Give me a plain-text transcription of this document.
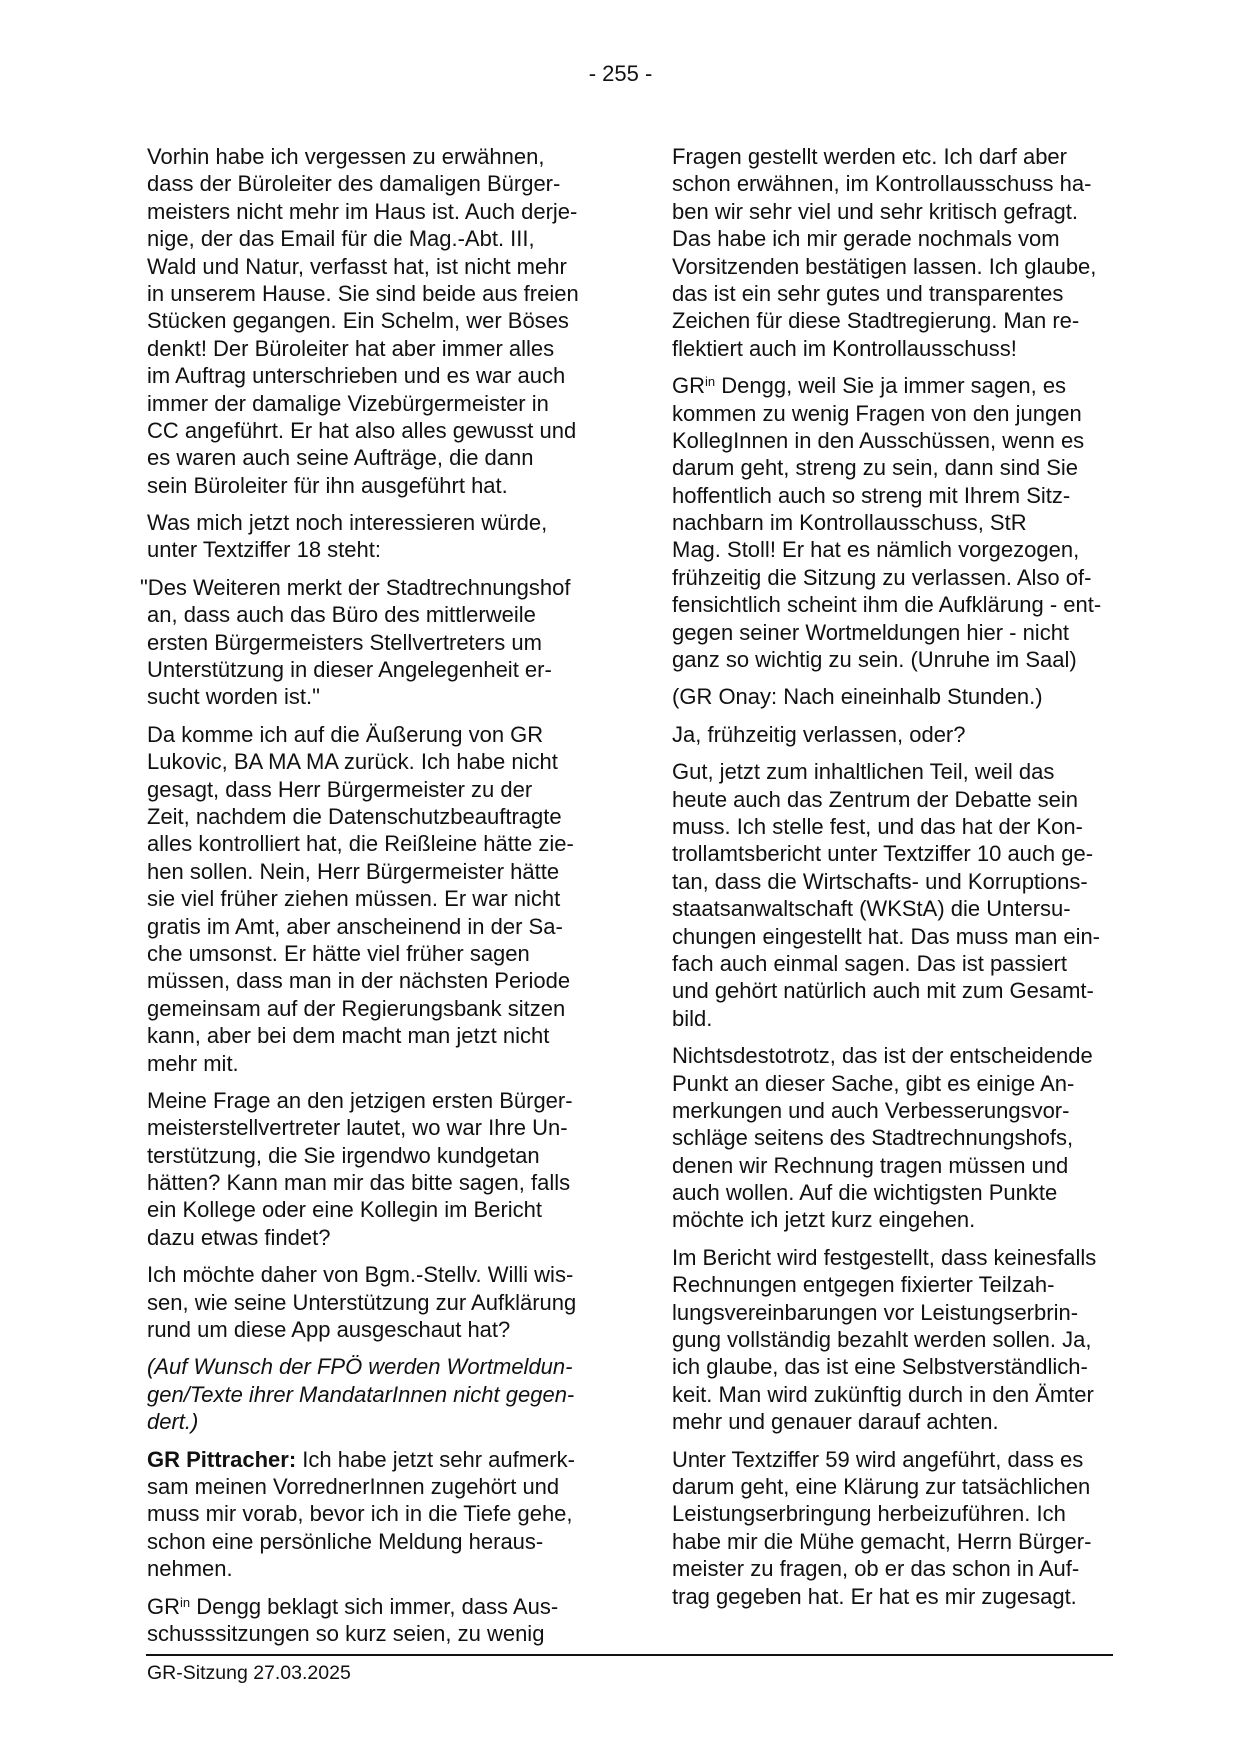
- 255 -
Vorhin habe ich vergessen zu erwähnen,
dass der Büroleiter des damaligen Bürger-
meisters nicht mehr im Haus ist. Auch derje-
nige, der das Email für die Mag.-Abt. III,
Wald und Natur, verfasst hat, ist nicht mehr
in unserem Hause. Sie sind beide aus freien
Stücken gegangen. Ein Schelm, wer Böses
denkt! Der Büroleiter hat aber immer alles
im Auftrag unterschrieben und es war auch
immer der damalige Vizebürgermeister in
CC angeführt. Er hat also alles gewusst und
es waren auch seine Aufträge, die dann
sein Büroleiter für ihn ausgeführt hat.
Was mich jetzt noch interessieren würde,
unter Textziffer 18 steht:
"Des Weiteren merkt der Stadtrechnungshof
an, dass auch das Büro des mittlerweile
ersten Bürgermeisters Stellvertreters um
Unterstützung in dieser Angelegenheit er-
sucht worden ist."
Da komme ich auf die Äußerung von GR
Lukovic, BA MA MA zurück. Ich habe nicht
gesagt, dass Herr Bürgermeister zu der
Zeit, nachdem die Datenschutzbeauftragte
alles kontrolliert hat, die Reißleine hätte zie-
hen sollen. Nein, Herr Bürgermeister hätte
sie viel früher ziehen müssen. Er war nicht
gratis im Amt, aber anscheinend in der Sa-
che umsonst. Er hätte viel früher sagen
müssen, dass man in der nächsten Periode
gemeinsam auf der Regierungsbank sitzen
kann, aber bei dem macht man jetzt nicht
mehr mit.
Meine Frage an den jetzigen ersten Bürger-
meisterstellvertreter lautet, wo war Ihre Un-
terstützung, die Sie irgendwo kundgetan
hätten? Kann man mir das bitte sagen, falls
ein Kollege oder eine Kollegin im Bericht
dazu etwas findet?
Ich möchte daher von Bgm.-Stellv. Willi wis-
sen, wie seine Unterstützung zur Aufklärung
rund um diese App ausgeschaut hat?
(Auf Wunsch der FPÖ werden Wortmeldun-
gen/Texte ihrer MandatarInnen nicht gegen-
dert.)
GR Pittracher: Ich habe jetzt sehr aufmerk-
sam meinen VorrednerInnen zugehört und
muss mir vorab, bevor ich in die Tiefe gehe,
schon eine persönliche Meldung heraus-
nehmen.
$GR^{in}$ Dengg beklagt sich immer, dass Aus-
schusssitzungen so kurz seien, zu wenig
Fragen gestellt werden etc. Ich darf aber
schon erwähnen, im Kontrollausschuss ha-
ben wir sehr viel und sehr kritisch gefragt.
Das habe ich mir gerade nochmals vom
Vorsitzenden bestätigen lassen. Ich glaube,
das ist ein sehr gutes und transparentes
Zeichen für diese Stadtregierung. Man re-
flektiert auch im Kontrollausschuss!
$GR^{in}$ Dengg, weil Sie ja immer sagen, es
kommen zu wenig Fragen von den jungen
KollegInnen in den Ausschüssen, wenn es
darum geht, streng zu sein, dann sind Sie
hoffentlich auch so streng mit Ihrem Sitz-
nachbarn im Kontrollausschuss, StR
Mag. Stoll! Er hat es nämlich vorgezogen,
frühzeitig die Sitzung zu verlassen. Also of-
fensichtlich scheint ihm die Aufklärung - ent-
gegen seiner Wortmeldungen hier - nicht
ganz so wichtig zu sein. (Unruhe im Saal)
(GR Onay: Nach eineinhalb Stunden.)
Ja, frühzeitig verlassen, oder?
Gut, jetzt zum inhaltlichen Teil, weil das
heute auch das Zentrum der Debatte sein
muss. Ich stelle fest, und das hat der Kon-
trollamtsbericht unter Textziffer 10 auch ge-
tan, dass die Wirtschafts- und Korruptions-
staatsanwaltschaft (WKStA) die Untersu-
chungen eingestellt hat. Das muss man ein-
fach auch einmal sagen. Das ist passiert
und gehört natürlich auch mit zum Gesamt-
bild.
Nichtsdestotrotz, das ist der entscheidende
Punkt an dieser Sache, gibt es einige An-
merkungen und auch Verbesserungsvor-
schläge seitens des Stadtrechnungshofs,
denen wir Rechnung tragen müssen und
auch wollen. Auf die wichtigsten Punkte
möchte ich jetzt kurz eingehen.
Im Bericht wird festgestellt, dass keinesfalls
Rechnungen entgegen fixierter Teilzah-
lungsvereinbarungen vor Leistungserbrin-
gung vollständig bezahlt werden sollen. Ja,
ich glaube, das ist eine Selbstverständlich-
keit. Man wird zukünftig durch in den Ämter
mehr und genauer darauf achten.
Unter Textziffer 59 wird angeführt, dass es
darum geht, eine Klärung zur tatsächlichen
Leistungserbringung herbeizuführen. Ich
habe mir die Mühe gemacht, Herrn Bürger-
meister zu fragen, ob er das schon in Auf-
trag gegeben hat. Er hat es mir zugesagt.
GR-Sitzung 27.03.2025
